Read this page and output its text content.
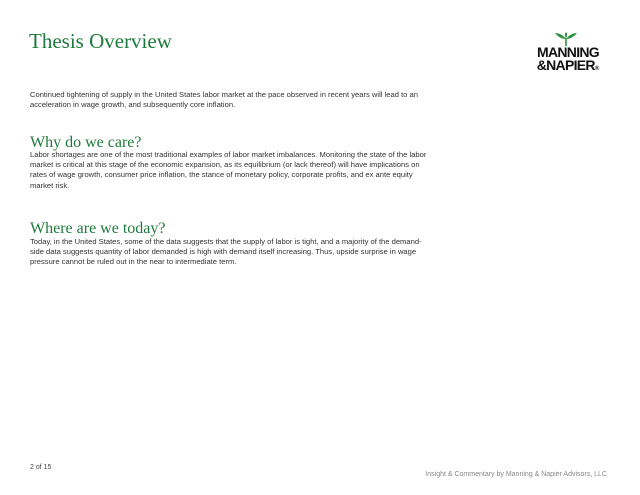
Thesis Overview	MANNING
&NAPIER®

Continued tightening of supply in the United States labor market at the pace observed in recent years will lead to an acceleration in wage growth, and subsequently core inflation.

Why do we care?

Labor shortages are one of the most traditional examples of labor market imbalances. Monitoring the state of the labor market is critical at this stage of the economic expansion, as its equilibrium (or lack thereof) will have implications on rates of wage growth, consumer price inflation, the stance of monetary policy, corporate profits, and ex ante equity market risk.

Where are we today?

Today, in the United States, some of the data suggests that the supply of labor is tight, and a majority of the demand-side data suggests quantity of labor demanded is high with demand itself increasing. Thus, upside surprise in wage pressure cannot be ruled out in the near to intermediate term.

2 of 15

Insight & Commentary by Manning & Napier Advisors, LLC
